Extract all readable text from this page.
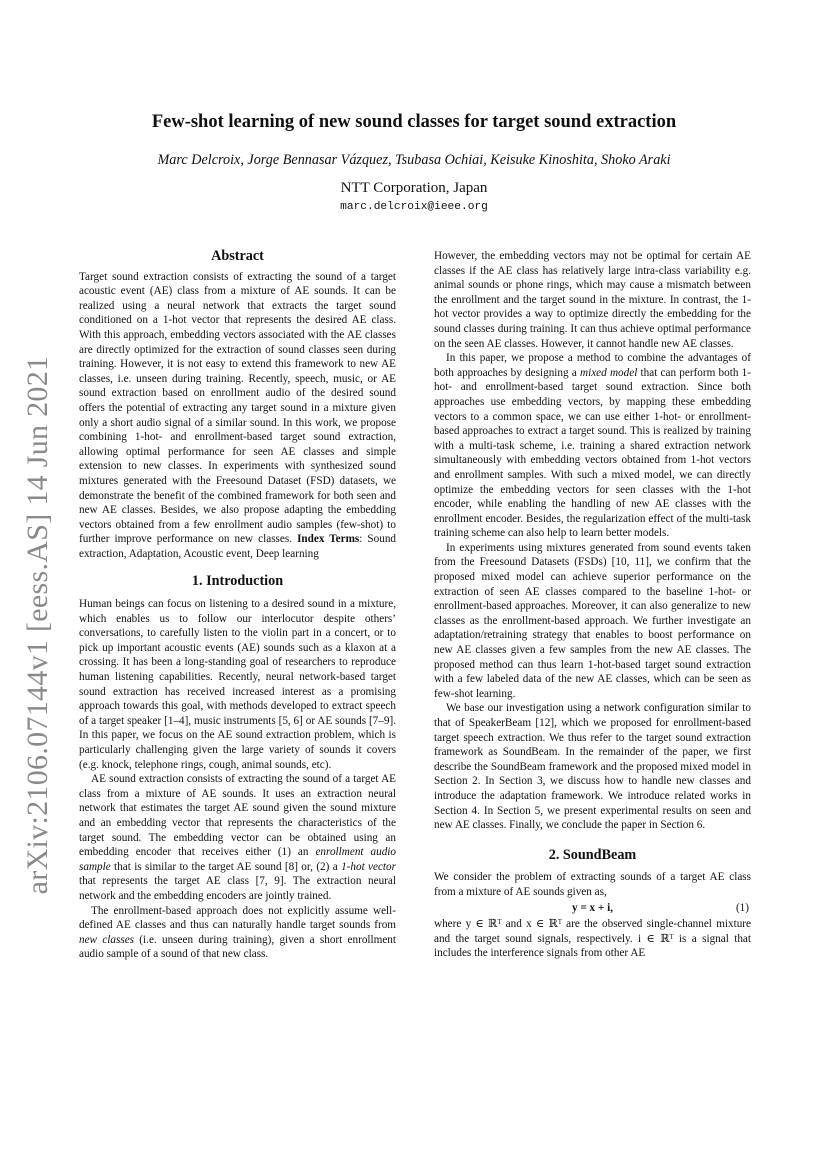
arXiv:2106.07144v1 [eess.AS] 14 Jun 2021
Few-shot learning of new sound classes for target sound extraction
Marc Delcroix, Jorge Bennasar Vázquez, Tsubasa Ochiai, Keisuke Kinoshita, Shoko Araki
NTT Corporation, Japan
marc.delcroix@ieee.org
Abstract

Target sound extraction consists of extracting the sound of a target acoustic event (AE) class from a mixture of AE sounds. It can be realized using a neural network that extracts the target sound conditioned on a 1-hot vector that represents the desired AE class. With this approach, embedding vectors associated with the AE classes are directly optimized for the extraction of sound classes seen during training. However, it is not easy to extend this framework to new AE classes, i.e. unseen during training. Recently, speech, music, or AE sound extraction based on enrollment audio of the desired sound offers the potential of extracting any target sound in a mixture given only a short audio signal of a similar sound. In this work, we propose combining 1-hot- and enrollment-based target sound extraction, allowing optimal performance for seen AE classes and simple extension to new classes. In experiments with synthesized sound mixtures generated with the Freesound Dataset (FSD) datasets, we demonstrate the benefit of the combined framework for both seen and new AE classes. Besides, we also propose adapting the embedding vectors obtained from a few enrollment audio samples (few-shot) to further improve performance on new classes. Index Terms: Sound extraction, Adaptation, Acoustic event, Deep learning

1. Introduction

Human beings can focus on listening to a desired sound in a mixture, which enables us to follow our interlocutor despite others’ conversations, to carefully listen to the violin part in a concert, or to pick up important acoustic events (AE) sounds such as a klaxon at a crossing. It has been a long-standing goal of researchers to reproduce human listening capabilities. Recently, neural network-based target sound extraction has received increased interest as a promising approach towards this goal, with methods developed to extract speech of a target speaker [1–4], music instruments [5, 6] or AE sounds [7–9]. In this paper, we focus on the AE sound extraction problem, which is particularly challenging given the large variety of sounds it covers (e.g. knock, telephone rings, cough, animal sounds, etc).

AE sound extraction consists of extracting the sound of a target AE class from a mixture of AE sounds. It uses an extraction neural network that estimates the target AE sound given the sound mixture and an embedding vector that represents the characteristics of the target sound. The embedding vector can be obtained using an embedding encoder that receives either (1) an enrollment audio sample that is similar to the target AE sound [8] or, (2) a 1-hot vector that represents the target AE class [7, 9]. The extraction neural network and the embedding encoders are jointly trained.

The enrollment-based approach does not explicitly assume well-defined AE classes and thus can naturally handle target sounds from new classes (i.e. unseen during training), given a short enrollment audio sample of a sound of that new class.

However, the embedding vectors may not be optimal for certain AE classes if the AE class has relatively large intra-class variability e.g. animal sounds or phone rings, which may cause a mismatch between the enrollment and the target sound in the mixture. In contrast, the 1-hot vector provides a way to optimize directly the embedding for the sound classes during training. It can thus achieve optimal performance on the seen AE classes. However, it cannot handle new AE classes.

In this paper, we propose a method to combine the advantages of both approaches by designing a mixed model that can perform both 1-hot- and enrollment-based target sound extraction. Since both approaches use embedding vectors, by mapping these embedding vectors to a common space, we can use either 1-hot- or enrollment-based approaches to extract a target sound. This is realized by training with a multi-task scheme, i.e. training a shared extraction network simultaneously with embedding vectors obtained from 1-hot vectors and enrollment samples. With such a mixed model, we can directly optimize the embedding vectors for seen classes with the 1-hot encoder, while enabling the handling of new AE classes with the enrollment encoder. Besides, the regularization effect of the multi-task training scheme can also help to learn better models.

In experiments using mixtures generated from sound events taken from the Freesound Datasets (FSDs) [10, 11], we confirm that the proposed mixed model can achieve superior performance on the extraction of seen AE classes compared to the baseline 1-hot- or enrollment-based approaches. Moreover, it can also generalize to new classes as the enrollment-based approach. We further investigate an adaptation/retraining strategy that enables to boost performance on new AE classes given a few samples from the new AE classes. The proposed method can thus learn 1-hot-based target sound extraction with a few labeled data of the new AE classes, which can be seen as few-shot learning.

We base our investigation using a network configuration similar to that of SpeakerBeam [12], which we proposed for enrollment-based target speech extraction. We thus refer to the target sound extraction framework as SoundBeam. In the remainder of the paper, we first describe the SoundBeam framework and the proposed mixed model in Section 2. In Section 3, we discuss how to handle new classes and introduce the adaptation framework. We introduce related works in Section 4. In Section 5, we present experimental results on seen and new AE classes. Finally, we conclude the paper in Section 6.

2. SoundBeam

We consider the problem of extracting sounds of a target AE class from a mixture of AE sounds given as,

y = x + i,	(1)

where y ∈ ℝᵀ and x ∈ ℝᵀ are the observed single-channel mixture and the target sound signals, respectively. i ∈ ℝᵀ is a signal that includes the interference signals from other AE
